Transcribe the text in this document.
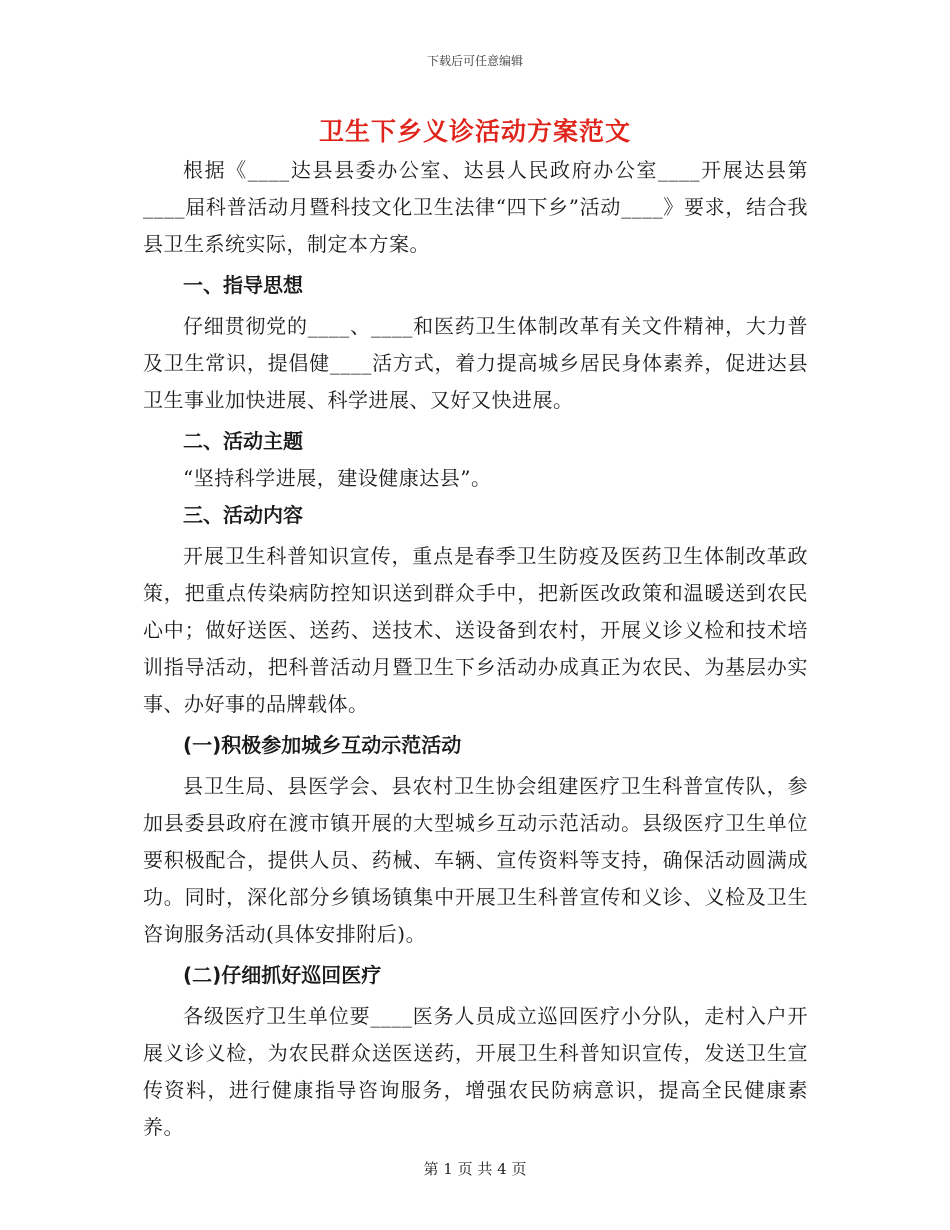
下载后可任意编辑
卫生下乡义诊活动方案范文

根据《____达县县委办公室、达县人民政府办公室____开展达县第____届科普活动月暨科技文化卫生法律“四下乡”活动____》要求，结合我县卫生系统实际，制定本方案。

一、指导思想

仔细贯彻党的____、____和医药卫生体制改革有关文件精神，大力普及卫生常识，提倡健____活方式，着力提高城乡居民身体素养，促进达县卫生事业加快进展、科学进展、又好又快进展。

二、活动主题

“坚持科学进展，建设健康达县”。

三、活动内容

开展卫生科普知识宣传，重点是春季卫生防疫及医药卫生体制改革政策，把重点传染病防控知识送到群众手中，把新医改政策和温暖送到农民心中；做好送医、送药、送技术、送设备到农村，开展义诊义检和技术培训指导活动，把科普活动月暨卫生下乡活动办成真正为农民、为基层办实事、办好事的品牌载体。

(一)积极参加城乡互动示范活动

县卫生局、县医学会、县农村卫生协会组建医疗卫生科普宣传队，参加县委县政府在渡市镇开展的大型城乡互动示范活动。县级医疗卫生单位要积极配合，提供人员、药械、车辆、宣传资料等支持，确保活动圆满成功。同时，深化部分乡镇场镇集中开展卫生科普宣传和义诊、义检及卫生咨询服务活动(具体安排附后)。

(二)仔细抓好巡回医疗

各级医疗卫生单位要____医务人员成立巡回医疗小分队，走村入户开展义诊义检，为农民群众送医送药，开展卫生科普知识宣传，发送卫生宣传资料，进行健康指导咨询服务，增强农民防病意识，提高全民健康素养。

第 1 页 共 4 页
